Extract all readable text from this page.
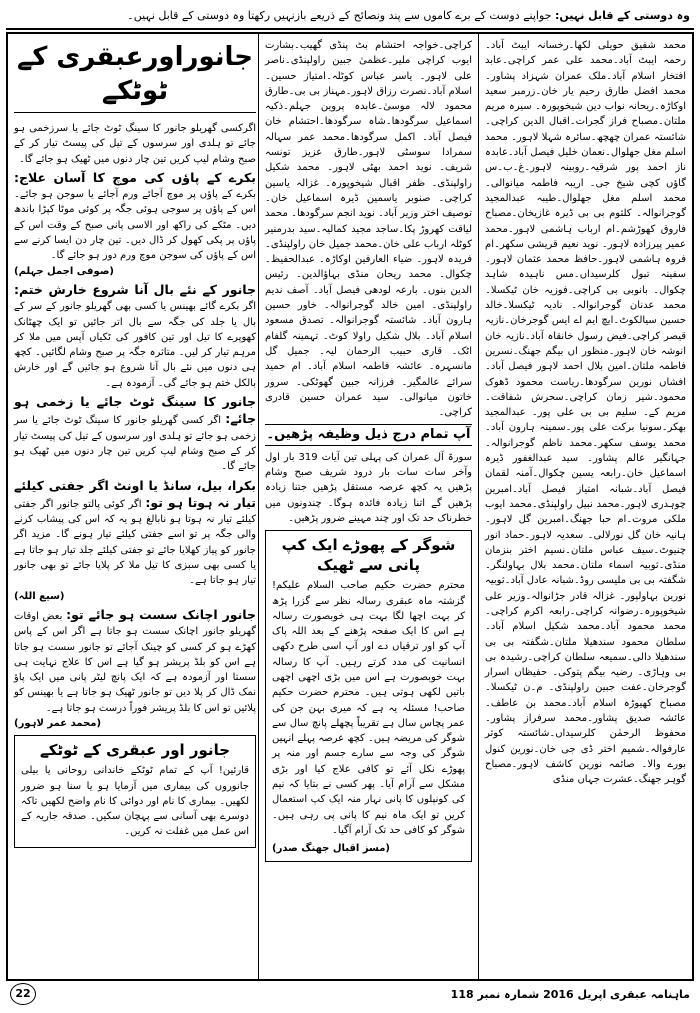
وہ دوستی کے قابل نہیں: جواپنے دوست کے برے کاموں سے پند ونصائح کے ذریعے بازنہیں رکھتا وہ دوستی کے قابل نہیں۔

محمد شفیق حویلی لکھا۔رخسانہ ایبٹ آباد۔رحمہ ایبٹ آباد۔محمد علی عمر کراچی۔عابد افتخار اسلام آباد۔ملک عمران شہزاد پشاور۔محمد افضل طارق رحیم یار خان۔زرمبر سعید اوکاڑہ۔ریحانہ نواب دین شیخوپورہ۔ سیرہ مریم ملتان۔مصباح فراز گجرات۔اقبال الدین کراچی۔شائستہ عمران چھچھ۔سائرہ شہلا لاہور۔ محمد اسلم مغل جھلوال۔نعمان خلیل فیصل آباد۔عابدہ ناز احمد پور شرقیہ۔روبینہ لاہور۔غ۔ب۔س گاؤں کچی شیخ جی۔ اریبہ فاطمہ میانوالی۔محمد اسلم مغل جھلوال۔طیبہ عبدالمجید گوجرانوالہ۔ کلثوم بی بی ڈیرہ غازیخان۔مصباح فاروق کھوڑشم۔ام ارباب ہاشمی لاہور۔محمد عمیر پیرزادہ لاہور۔ نوید نعیم قریشی سکھر۔ام فروہ ہاشمی لاہور۔حافظ محمد عثمان لاہور۔سفینہ تبول کلرسیداں۔مس ناہیدہ شاہد چکوال۔ بانوبی بی کراچی۔فوزیہ خان ٹیکسلا۔محمد عدنان گوجرانوالہ۔ نادیہ ٹیکسلا۔خالد حسین سیالکوٹ۔ایچ ایم اے ایس گوجرخان۔نازیہ قیصر کراچی۔فیض رسول خانقاہ آباد۔نازیہ خان انوشہ خان لاہور۔منظور اں بیگم جھنگ۔نسرین فاطمہ ملتان۔امین بلال احمد لاہور فیصل آباد۔ افشاں نورین سرگودھا۔ریاست محمود ڈھوک محمود۔شیر زمان کراچی۔سحرش شفاقت۔مریم کے۔ سلیم بی بی علی پور۔ عبدالمجید بھکر۔سونیا برکت علی پور۔سمینہ ہارون آباد۔ محمد یوسف سکھر۔محمد ناظم گوجرانوالہ۔ جہانگیر عالم پشاور۔ سید عبدالغفور ڈیرہ اسماعیل خان۔رابعہ یسین چکوال۔آمنہ لقمان فیصل آباد۔شبانہ امتیاز فیصل آباد۔امبرین چوہدری لاہور۔محمد نبیل راولپنڈی۔محمد ایوب ملکی مروت۔ام حبا جھنگ۔امبرین گل لاہور۔ہانیہ خان گل نورلالی۔ سعدیہ لاہور۔حماد انور چنیوٹ۔سیف عباس ملتان۔نسیم اختر بنزمان منڈی۔ثوبیہ اسماء ملتان۔محمد بلال بہاولنگر۔شگفتہ بی بی ملیسی روڈ۔شبانہ عادل آباد۔ثوبیہ نورین بہاولپور۔ غزالہ قادر جڑانوالہ۔وزیر علی شیخوپورہ۔رضوانہ کراچی۔رابعہ اکرم کراچی۔محمد محمود آباد۔محمد شکیل اسلام آباد۔ سلطان محمود سندھیلا ملتان۔شگفتہ بی بی سندھیلا دالی۔سمیعہ سلطان کراچی۔رشیدہ بی بی وہاڑی۔ رضیہ بیگم پتوکی۔ حفیظاں اسرار گوجرخان۔عفت جبین راولپنڈی۔ م۔ن ٹیکسلا۔مصباح کھیوڑہ اسلام آباد۔محمد بن عاطف۔ عائشہ صدیق پشاور۔محمد سرفراز پشاور۔محفوظ الرحمٰن کلرسیداں۔شائستہ کوثر عارفوالہ۔شمیم اختر ڈی جی خان۔نورین کنول بورے والا۔ صائمہ نورین کاشف لاہور۔مصباح گوہر جھنگ۔عشرت جہاں منڈی

کراچی۔خواجہ احتشام بٹ پنڈی گھیب۔بشارت ایوب کراچی ملیر۔عظمیٰ جبین راولپنڈی۔ناصر علی لاہور۔ یاسر عباس کوٹلہ۔امتیاز حسین۔اسلام آباد۔نصرت رزاق لاہور۔مہناز بی بی۔طارق محمود لالہ موسیٰ۔عابدہ پروین جہلم۔ذکیہ اسماعیل سرگودھا۔شاہ سرگودھا۔احتشام خان فیصل آباد۔ اکمل سرگودھا۔محمد عمر سہالہ سمرادا سوسٹی لاہور۔طارق عزیز تونسہ شریف۔ نوید احمد بھٹی لاہور۔ محمد شکیل راولپنڈی۔ ظفر اقبال شیخوپورہ۔ غزالہ یاسین کراچی۔ صنوبر یاسمین ڈیرہ اسماعیل خان۔ توصیف اختر وزیر آباد۔ نوید انجم سرگودھا۔ محمد لیاقت کھروڑ پکا۔ساجد مجید کمالیہ۔سید بدرمنیر کوٹلہ ارباب علی خان۔محمد جمیل خان راولپنڈی۔فریدہ لاہور۔ ضیاء العارفین اوکاڑہ۔ عبدالحفیظ۔ چکوال۔ محمد ریحان منڈی بہاؤالدین۔ رئیس الدین بنوں۔ بارعہ لودھی فیصل آباد۔ آصف ندیم راولپنڈی۔ امین خالد گوجرانوالہ۔ خاور حسین ہارون آباد۔ شائستہ گوجرانوالہ۔ تصدق مسعود اسلام آباد۔ بلال شکیل راولا کوٹ۔ تہمینہ گلفام اٹک۔ قاری حبیب الرحمان لیہ۔ جمیل گل مانسہرہ۔ عائشہ فاطمہ اسلام آباد۔ ام حمید سرائے عالمگیر۔ فرزانہ جبین گھوٹکی۔ سرور خاتون میانوالی۔ سید عمران حسین قادری کراچی۔

آپ تمام درج ذیل وظیفہ پڑھیں۔

سورۃ آل عمران کی پہلی تین آیات 319 بار اول وآخر سات سات بار درود شریف صبح وشام پڑھیں یہ کچھ عرصہ مستقل پڑھیں جتنا زیادہ پڑھیں گے اتنا زیادہ فائدہ ہوگا۔ چندونوں میں خطرناک حد تک اور چند مہینے ضرور پڑھیں۔

شوگر کے پھوڑے ایک کپ پانی سے ٹھیک

محترم حضرت حکیم صاحب السلام علیکم! گزشتہ ماہ عبقری رسالہ نظر سے گزرا پڑھ کر بہت اچھا لگا بہت ہی خوبصورت رسالہ ہے اس کا ایک صفحہ پڑھنے کے بعد اللہ پاک آپ کو اور ترقیاں دے اور آپ اسی طرح دکھی انسانیت کی مدد کرتے رہیں۔ آپ کا رسالہ بہت خوبصورت ہے اس میں بڑی اچھی اچھی باتیں لکھی ہوتی ہیں۔ محترم حضرت حکیم صاحب! مسئلہ یہ ہے کہ میری بہن جن کی عمر پچاس سال ہے تقریباً پچھلے پانچ سال سے شوگر کی مریضہ ہیں۔ کچھ عرصہ پہلے انہیں شوگر کی وجہ سے سارے جسم اور منہ پر پھوڑے نکل آئے تو کافی علاج کیا اور بڑی مشکل سے آرام آیا۔ پھر کسی نے بتایا کہ نیم کی کونپلوں کا پانی نہار منہ ایک کپ استعمال کریں تو ایک ماہ نیم کا پانی پی رہی ہیں۔ شوگر کو کافی حد تک آرام آگیا۔

(مسز اقبال جھنگ صدر)
جانوراورعبقری کے ٹوٹکے

اگرکسی گھریلو جانور کا سینگ ٹوٹ جائے یا سرزخمی ہو جائے تو ہلدی اور سرسوں کے تیل کی پیسٹ تیار کر کے صبح وشام لیپ کریں تین چار دنوں میں ٹھیک ہو جائے گا۔

بکرے کے پاؤں کی موچ کا آسان علاج: بکرے کے پاؤں پر موچ آجائے ورم آجائے یا سوجن ہو جائے۔ اس کے پاؤں پر سوجی ہوئی جگہ پر کوئی موٹا کپڑا باندھ دیں۔ مٹکے کی راکھ اور الاسی پانی صبح کے وقت اس کے پاؤں پر پکی کھول کر ڈال دیں۔ تین چار دن ایسا کرنے سے اس کے پاؤں کی سوجن موچ ورم دور ہو جائے گا۔
(صوفی اجمل جہلم)

جانور کے نئے بال آنا شروع خارش ختم: اگر بکرے گائے بھینس یا کسی بھی گھریلو جانور کے سر کے بال یا جلد کی جگہ سے بال اتر جائیں تو ایک چھٹانک کھوپرے کا تیل اور تین کافور کی ٹکیاں آپس میں ملا کر مرہم تیار کر لیں۔ متاثرہ جگہ پر صبح وشام لگائیں۔ کچھ ہی دنوں میں نئے بال آنا شروع ہو جائیں گے اور خارش بالکل ختم ہو جائے گی۔ آزمودہ ہے۔

جانور کا سینگ ٹوٹ جائے یا زخمی ہو جائے: اگر کسی گھریلو جانور کا سینگ ٹوٹ جائے یا سر زخمی ہو جائے تو ہلدی اور سرسوں کے تیل کی پیسٹ تیار کر کے صبح وشام لیپ کریں تین چار دنوں میں ٹھیک ہو جائے گا۔

بکرا، بیل، سانڈ یا اونٹ اگر جفتی کیلئے تیار نہ ہوتا ہو تو: اگر کوئی پالتو جانور اگر جفتی کیلئے تیار نہ ہوتا ہو نابالغ ہو یہ کہ اس کی پیشاب کرنے والی جگہ پر تو اسے جفتی کیلئے تیار ہونے گا۔ مزید اگر جانور کو پیاز کھلایا جائے تو جفتی کیلئے جلد تیار ہو جاتا ہے یا کسی بھی سبزی کا تیل ملا کر پلایا جائے تو بھی جانور تیار ہو جاتا ہے۔
(سیع اللہ)

جانور اچانک سست ہو جائے تو: بعض اوقات گھریلو جانور اچانک سست ہو جاتا ہے اگر اس کے پاس کھڑے ہو کر کسی کو چینک آجائے تو جانور سست ہو جاتا ہے اس کو بلڈ پریشر ہو گیا ہے اس کا علاج نہایت ہی سستا اور آزمودہ ہے کہ ایک پانچ لیٹر پانی میں ایک پاؤ نمک ڈال کر پلا دیں تو جانور ٹھیک ہو جاتا ہے یا بھینس کو پلائیں تو اس کا بلڈ پریشر فوراً درست ہو جاتا ہے۔
(محمد عمر لاہور)

جانور اور عبقری کے ٹوٹکے

قارئین! آپ کے تمام ٹوٹکے خاندانی روحانی یا بیلی جانوروں کی بیماری میں آزمایا ہو یا سنا ہو ضرور لکھیں۔ بیماری کا نام اور دوائی کا نام واضح لکھیں تاکہ دوسرے بھی آسانی سے پہچان سکیں۔ صدقہ جاریہ کے اس عمل میں غفلت نہ کریں۔

ماہنامہ عبقری اپریل 2016 شمارہ نمبر 118
22
